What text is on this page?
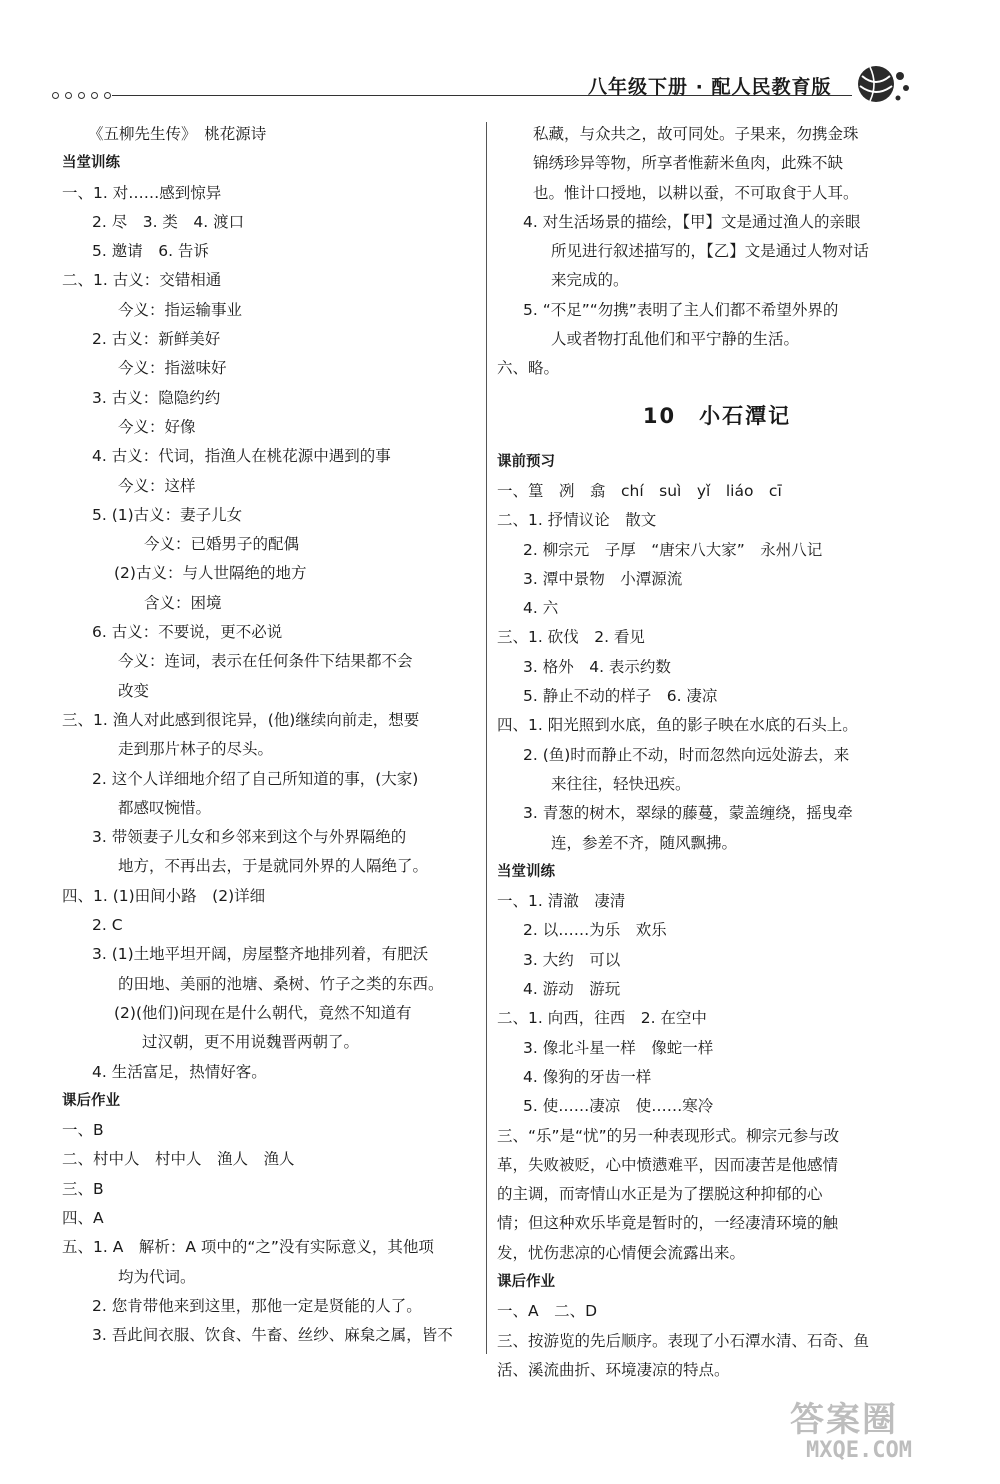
八年级下册 · 配人民教育版
《五柳先生传》　桃花源诗
当堂训练
一、1. 对……感到惊异
2. 尽　3. 类　4. 渡口
5. 邀请　6. 告诉
二、1. 古义：交错相通
今义：指运输事业
2. 古义：新鲜美好
今义：指滋味好
3. 古义：隐隐约约
今义：好像
4. 古义：代词，指渔人在桃花源中遇到的事
今义：这样
5. (1)古义：妻子儿女
今义：已婚男子的配偶
(2)古义：与人世隔绝的地方
含义：困境
6. 古义：不要说，更不必说
今义：连词，表示在任何条件下结果都不会
改变
三、1. 渔人对此感到很诧异，(他)继续向前走，想要
走到那片林子的尽头。
2. 这个人详细地介绍了自己所知道的事，(大家)
都感叹惋惜。
3. 带领妻子儿女和乡邻来到这个与外界隔绝的
地方，不再出去，于是就同外界的人隔绝了。
四、1. (1)田间小路　(2)详细
2. C
3. (1)土地平坦开阔，房屋整齐地排列着，有肥沃
的田地、美丽的池塘、桑树、竹子之类的东西。
(2)(他们)问现在是什么朝代，竟然不知道有
过汉朝，更不用说魏晋两朝了。
4. 生活富足，热情好客。
课后作业
一、B
二、村中人　村中人　渔人　渔人
三、B
四、A
五、1. A　解析：A 项中的“之”没有实际意义，其他项
均为代词。
2. 您肯带他来到这里，那他一定是贤能的人了。
3. 吾此间衣服、饮食、牛畜、丝纱、麻枲之属，皆不
私藏，与众共之，故可同处。子果来，勿携金珠
锦绣珍异等物，所享者惟薪米鱼肉，此殊不缺
也。惟计口授地，以耕以蚕，不可取食于人耳。
4. 对生活场景的描绘，【甲】文是通过渔人的亲眼
所见进行叙述描写的，【乙】文是通过人物对话
来完成的。
5. “不足”“勿携”表明了主人们都不希望外界的
人或者物打乱他们和平宁静的生活。
六、略。
10　小石潭记
课前预习
一、篁　冽　翕　chí　suì　yǐ　liáo　cī
二、1. 抒情议论　散文
2. 柳宗元　子厚　“唐宋八大家”　永州八记
3. 潭中景物　小潭源流
4. 六
三、1. 砍伐　2. 看见
3. 格外　4. 表示约数
5. 静止不动的样子　6. 凄凉
四、1. 阳光照到水底，鱼的影子映在水底的石头上。
2. (鱼)时而静止不动，时而忽然向远处游去，来
来往往，轻快迅疾。
3. 青葱的树木，翠绿的藤蔓，蒙盖缠绕，摇曳牵
连，参差不齐，随风飘拂。
当堂训练
一、1. 清澈　凄清
2. 以……为乐　欢乐
3. 大约　可以
4. 游动　游玩
二、1. 向西，往西　2. 在空中
3. 像北斗星一样　像蛇一样
4. 像狗的牙齿一样
5. 使……凄凉　使……寒冷
三、“乐”是“忧”的另一种表现形式。柳宗元参与改
革，失败被贬，心中愤懑难平，因而凄苦是他感情
的主调，而寄情山水正是为了摆脱这种抑郁的心
情；但这种欢乐毕竟是暂时的，一经凄清环境的触
发，忧伤悲凉的心情便会流露出来。
课后作业
一、A　二、D
三、按游览的先后顺序。表现了小石潭水清、石奇、鱼
活、溪流曲折、环境凄凉的特点。
答案圈
MXQE.COM
